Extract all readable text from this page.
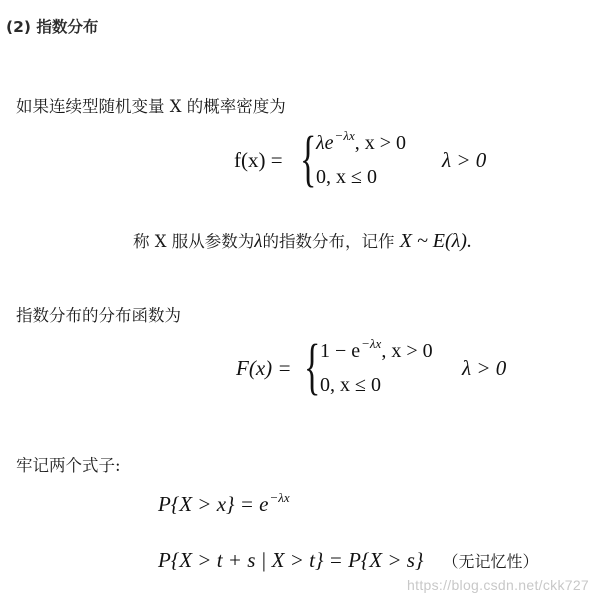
(2) 指数分布
如果连续型随机变量 X 的概率密度为
f(x) = { $\lambda e^{-\lambda x}$, x > 0
0, x ≤ 0
λ > 0
称 X 服从参数为λ的指数分布，记作 X ~ E(λ).
指数分布的分布函数为
F(x) = { $1 - e^{-\lambda x}$, x > 0
0, x ≤ 0
λ > 0
牢记两个式子:
$P\{X > x\} = e^{-\lambda x}$
P{X > t + s | X > t} = P{X > s} （无记忆性）
https://blog.csdn.net/ckk727
